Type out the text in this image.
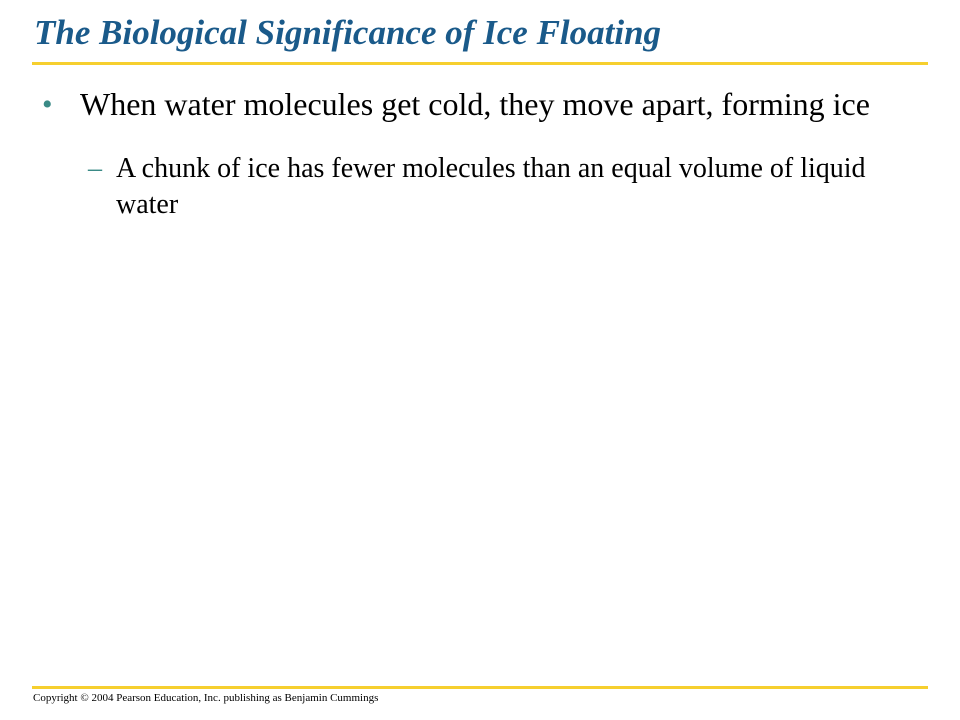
The Biological Significance of Ice Floating
• When water molecules get cold, they move apart, forming ice
– A chunk of ice has fewer molecules than an equal volume of liquid water
Copyright © 2004 Pearson Education, Inc. publishing as Benjamin Cummings
